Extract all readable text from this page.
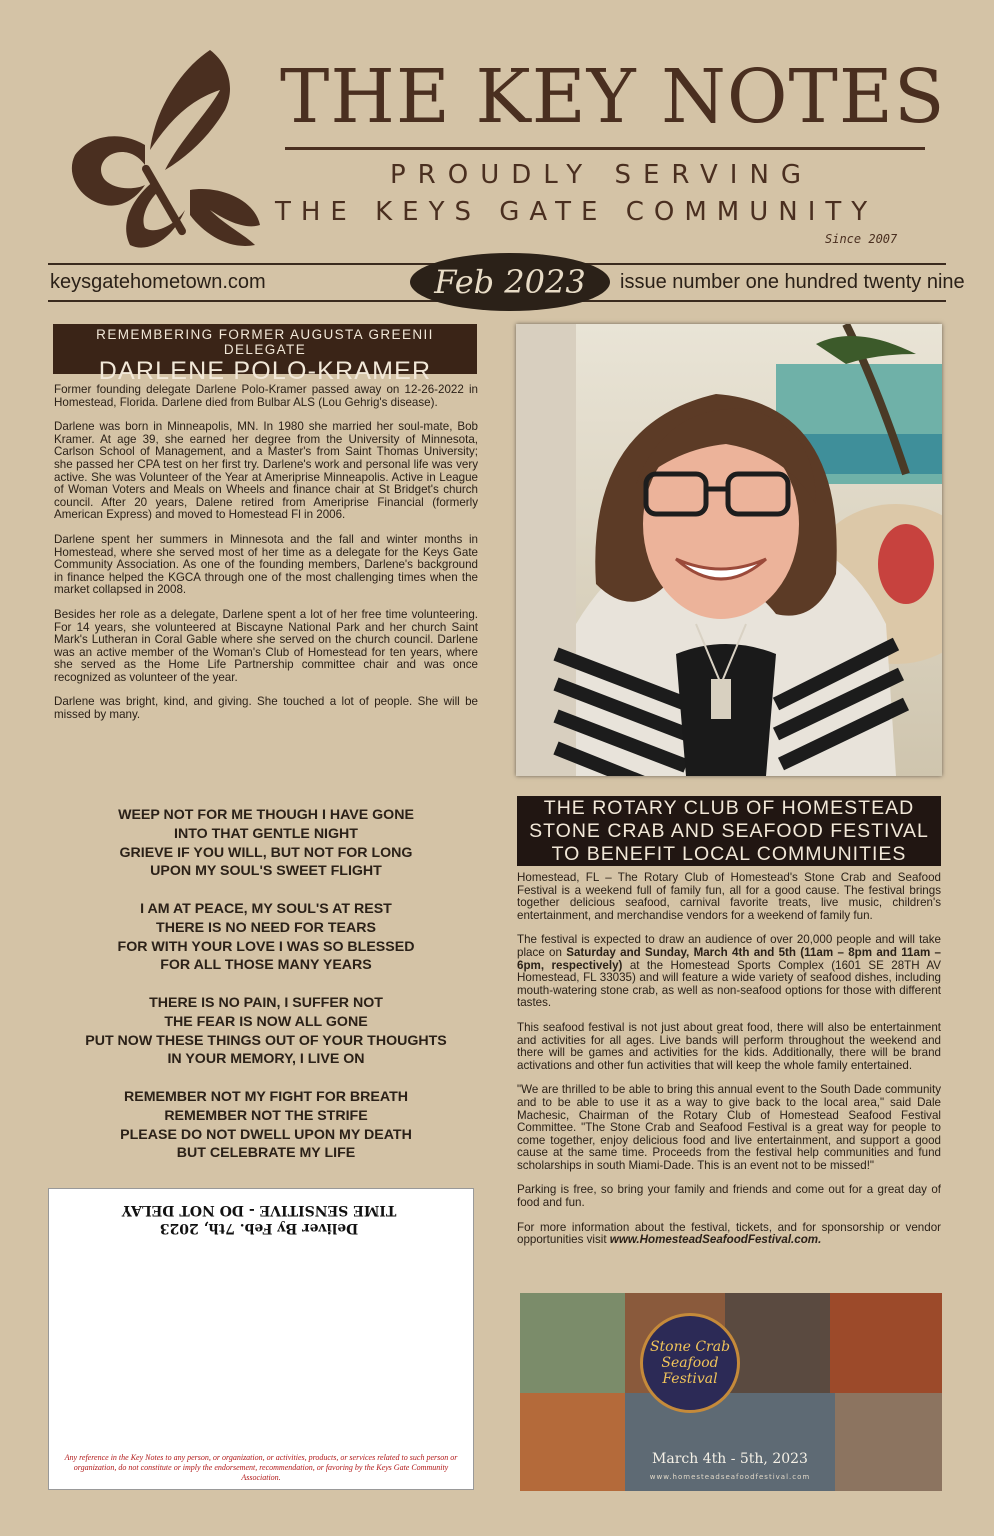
THE KEY NOTES
PROUDLY SERVING
THE KEYS GATE COMMUNITY
Since 2007
keysgatehometown.com	Feb 2023	issue number one hundred twenty nine
REMEMBERING FORMER AUGUSTA GREENII DELEGATE
DARLENE POLO-KRAMER

Former founding delegate Darlene Polo-Kramer passed away on 12-26-2022 in Homestead, Florida. Darlene died from Bulbar ALS (Lou Gehrig's disease).

Darlene was born in Minneapolis, MN. In 1980 she married her soul-mate, Bob Kramer. At age 39, she earned her degree from the University of Minnesota, Carlson School of Management, and a Master's from Saint Thomas University; she passed her CPA test on her first try. Darlene's work and personal life was very active. She was Volunteer of the Year at Ameriprise Minneapolis. Active in League of Woman Voters and Meals on Wheels and finance chair at St Bridget's church council. After 20 years, Dalene retired from Ameriprise Financial (formerly American Express) and moved to Homestead Fl in 2006.

Darlene spent her summers in Minnesota and the fall and winter months in Homestead, where she served most of her time as a delegate for the Keys Gate Community Association. As one of the founding members, Darlene's background in finance helped the KGCA through one of the most challenging times when the market collapsed in 2008.

Besides her role as a delegate, Darlene spent a lot of her free time volunteering. For 14 years, she volunteered at Biscayne National Park and her church Saint Mark's Lutheran in Coral Gable where she served on the church council. Darlene was an active member of the Woman's Club of Homestead for ten years, where she served as the Home Life Partnership committee chair and was once recognized as volunteer of the year.

Darlene was bright, kind, and giving. She touched a lot of people. She will be missed by many.

WEEP NOT FOR ME THOUGH I HAVE GONE
INTO THAT GENTLE NIGHT
GRIEVE IF YOU WILL, BUT NOT FOR LONG
UPON MY SOUL'S SWEET FLIGHT
I AM AT PEACE, MY SOUL'S AT REST
THERE IS NO NEED FOR TEARS
FOR WITH YOUR LOVE I WAS SO BLESSED
FOR ALL THOSE MANY YEARS
THERE IS NO PAIN, I SUFFER NOT
THE FEAR IS NOW ALL GONE
PUT NOW THESE THINGS OUT OF YOUR THOUGHTS
IN YOUR MEMORY, I LIVE ON
REMEMBER NOT MY FIGHT FOR BREATH
REMEMBER NOT THE STRIFE
PLEASE DO NOT DWELL UPON MY DEATH
BUT CELEBRATE MY LIFE
Deliver By Feb. 7th, 2023
TIME SENSITIVE - DO NOT DELAY
Any reference in the Key Notes to any person, or organization, or activities, products, or services related to such person or organization, do not constitute or imply the endorsement, recommendation, or favoring by the Keys Gate Community Association.
THE ROTARY CLUB OF HOMESTEAD
STONE CRAB AND SEAFOOD FESTIVAL
TO BENEFIT LOCAL COMMUNITIES

Homestead, FL – The Rotary Club of Homestead's Stone Crab and Seafood Festival is a weekend full of family fun, all for a good cause. The festival brings together delicious seafood, carnival favorite treats, live music, children's entertainment, and merchandise vendors for a weekend of family fun.

The festival is expected to draw an audience of over 20,000 people and will take place on Saturday and Sunday, March 4th and 5th (11am – 8pm and 11am – 6pm, respectively) at the Homestead Sports Complex (1601 SE 28TH AV Homestead, FL 33035) and will feature a wide variety of seafood dishes, including mouth-watering stone crab, as well as non-seafood options for those with different tastes.

This seafood festival is not just about great food, there will also be entertainment and activities for all ages. Live bands will perform throughout the weekend and there will be games and activities for the kids. Additionally, there will be brand activations and other fun activities that will keep the whole family entertained.

"We are thrilled to be able to bring this annual event to the South Dade community and to be able to use it as a way to give back to the local area," said Dale Machesic, Chairman of the Rotary Club of Homestead Seafood Festival Committee. "The Stone Crab and Seafood Festival is a great way for people to come together, enjoy delicious food and live entertainment, and support a good cause at the same time. Proceeds from the festival help communities and fund scholarships in south Miami-Dade. This is an event not to be missed!"

Parking is free, so bring your family and friends and come out for a great day of food and fun.

For more information about the festival, tickets, and for sponsorship or vendor opportunities visit www.HomesteadSeafoodFestival.com.

Stone Crab
Seafood
Festival
March 4th - 5th, 2023
www.homesteadseafoodfestival.com
